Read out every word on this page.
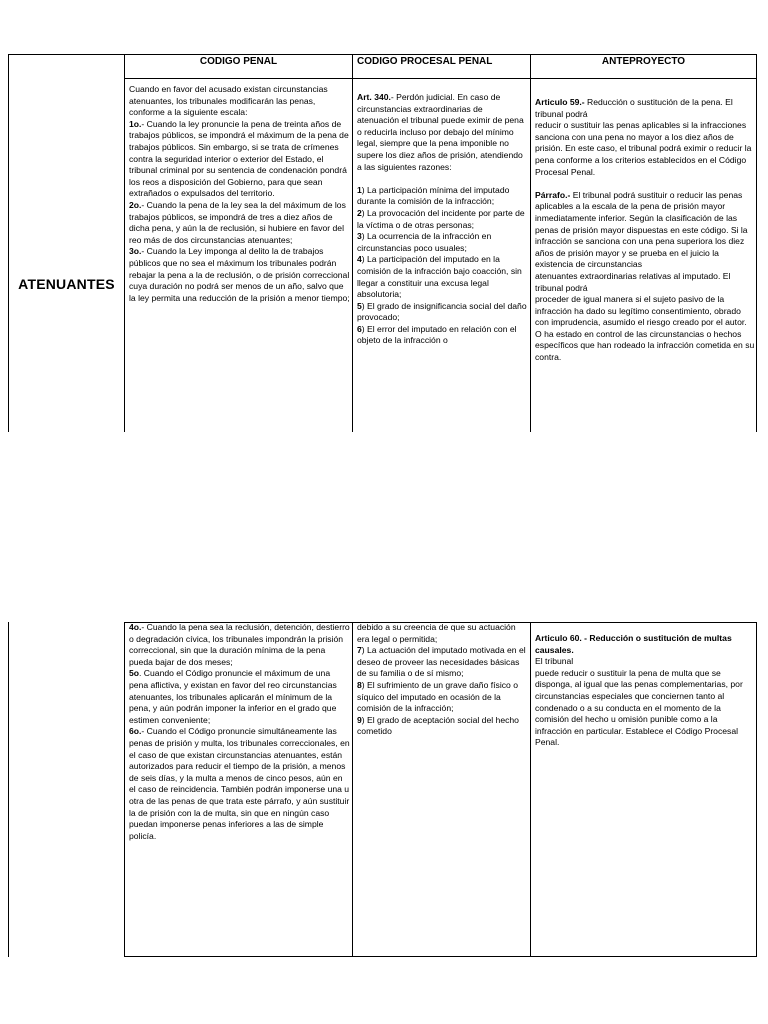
CODIGO PENAL	CODIGO PROCESAL PENAL	ANTEPROYECTO
ATENUANTES

Cuando en favor del acusado existan circunstancias atenuantes, los tribunales modificarán las penas, conforme a la siguiente escala:

1o.- Cuando la ley pronuncie la pena de treinta años de trabajos públicos, se impondrá el máximum de la pena de trabajos públicos. Sin embargo, si se trata de crímenes contra la seguridad interior o exterior del Estado, el tribunal criminal por su sentencia de condenación pondrá los reos a disposición del Gobierno, para que sean extrañados o expulsados del territorio.

2o.- Cuando la pena de la ley sea la del máximum de los trabajos públicos, se impondrá de tres a diez años de dicha pena, y aún la de reclusión, si hubiere en favor del reo más de dos circunstancias atenuantes;

3o.- Cuando la Ley imponga al delito la de trabajos públicos que no sea el máximum los tribunales podrán rebajar la pena a la de reclusión, o de prisión correccional cuya duración no podrá ser menos de un año, salvo que la ley permita una reducción de la prisión a menor tiempo;

Art. 340.- Perdón judicial. En caso de circunstancias extraordinarias de atenuación el tribunal puede eximir de pena o reducirla incluso por debajo del mínimo legal, siempre que la pena imponible no supere los diez años de prisión, atendiendo a las siguientes razones:

1) La participación mínima del imputado durante la comisión de la infracción;

2) La provocación del incidente por parte de la víctima o de otras personas;

3) La ocurrencia de la infracción en circunstancias poco usuales;

4) La participación del imputado en la comisión de la infracción bajo coacción, sin llegar a constituir una excusa legal absolutoria;

5) El grado de insignificancia social del daño provocado;

6) El error del imputado en relación con el objeto de la infracción o

Articulo 59.- Reducción o sustitución de la pena. El tribunal podrá
reducir o sustituir las penas aplicables si la infracciones sanciona con una pena no mayor a los diez años de prisión. En este caso, el tribunal podrá eximir o reducir la pena conforme a los criterios establecidos en el Código Procesal Penal.

Párrafo.- El tribunal podrá sustituir o reducir las penas aplicables a la escala de la pena de prisión mayor inmediatamente inferior. Según la clasificación de las penas de prisión mayor dispuestas en este código. Si la infracción se sanciona con una pena superiora los diez años de prisión mayor y se prueba en el juicio la existencia de circunstancias
atenuantes extraordinarias relativas al imputado. El tribunal podrá
proceder de igual manera si el sujeto pasivo de la infracción ha dado su legítimo consentimiento, obrado con imprudencia, asumido el riesgo creado por el autor. O ha estado en control de las circunstancias o hechos específicos que han rodeado la infracción cometida en su contra.

4o.- Cuando la pena sea la reclusión, detención, destierro o degradación cívica, los tribunales impondrán la prisión correccional, sin que la duración mínima de la pena pueda bajar de dos meses;

5o. Cuando el Código pronuncie el máximum de una pena aflictiva, y existan en favor del reo circunstancias atenuantes, los tribunales aplicarán el mínimum de la pena, y aún podrán imponer la inferior en el grado que estimen conveniente;

6o.- Cuando el Código pronuncie simultáneamente las penas de prisión y multa, los tribunales correccionales, en el caso de que existan circunstancias atenuantes, están autorizados para reducir el tiempo de la prisión, a menos de seis días, y la multa a menos de cinco pesos, aún en el caso de reincidencia. También podrán imponerse una u otra de las penas de que trata este párrafo, y aún sustituir la de prisión con la de multa, sin que en ningún caso puedan imponerse penas inferiores a las de simple policía.

debido a su creencia de que su actuación era legal o permitida;

7) La actuación del imputado motivada en el deseo de proveer las necesidades básicas de su familia o de sí mismo;

8) El sufrimiento de un grave daño físico o síquico del imputado en ocasión de la comisión de la infracción;

9) El grado de aceptación social del hecho cometido

Articulo 60. - Reducción o sustitución de multas causales.
El tribunal
puede reducir o sustituir la pena de multa que se disponga, al igual que las penas complementarias, por circunstancias especiales que conciernen tanto al condenado o a su conducta en el momento de la comisión del hecho u omisión punible como a la infracción en particular. Establece el Código Procesal Penal.
